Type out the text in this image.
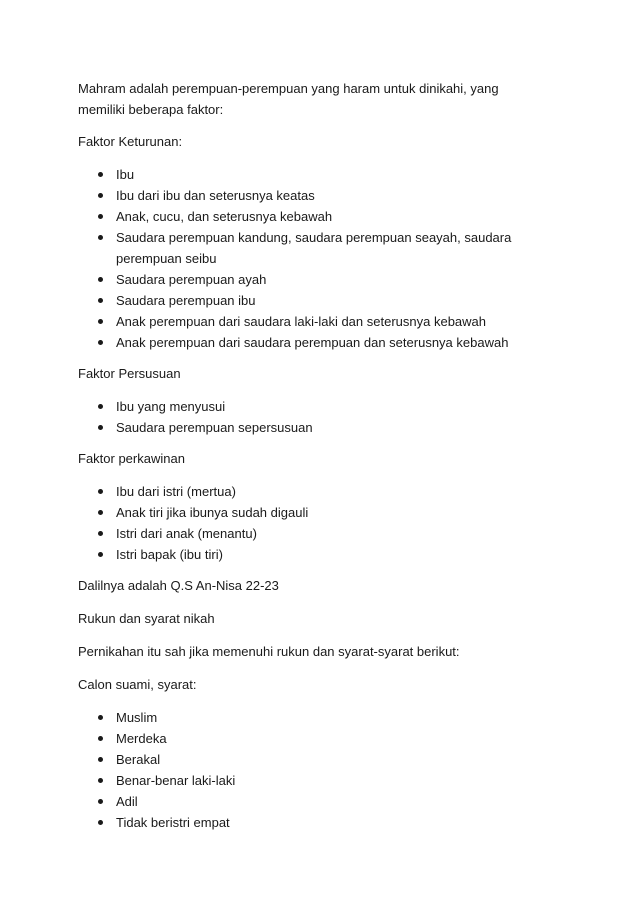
Mahram adalah perempuan-perempuan yang haram untuk dinikahi, yang memiliki beberapa faktor:

Faktor Keturunan:

Ibu
Ibu dari ibu dan seterusnya keatas
Anak, cucu, dan seterusnya kebawah
Saudara perempuan kandung, saudara perempuan seayah, saudara perempuan seibu
Saudara perempuan ayah
Saudara perempuan ibu
Anak perempuan dari saudara laki-laki dan seterusnya kebawah
Anak perempuan dari saudara perempuan dan seterusnya kebawah

Faktor Persusuan

Ibu yang menyusui
Saudara perempuan sepersusuan

Faktor perkawinan

Ibu dari istri (mertua)
Anak tiri jika ibunya sudah digauli
Istri dari anak (menantu)
Istri bapak (ibu tiri)

Dalilnya adalah Q.S An-Nisa 22-23

Rukun dan syarat nikah

Pernikahan itu sah jika memenuhi rukun dan syarat-syarat berikut:

Calon suami, syarat:

Muslim
Merdeka
Berakal
Benar-benar laki-laki
Adil
Tidak beristri empat
